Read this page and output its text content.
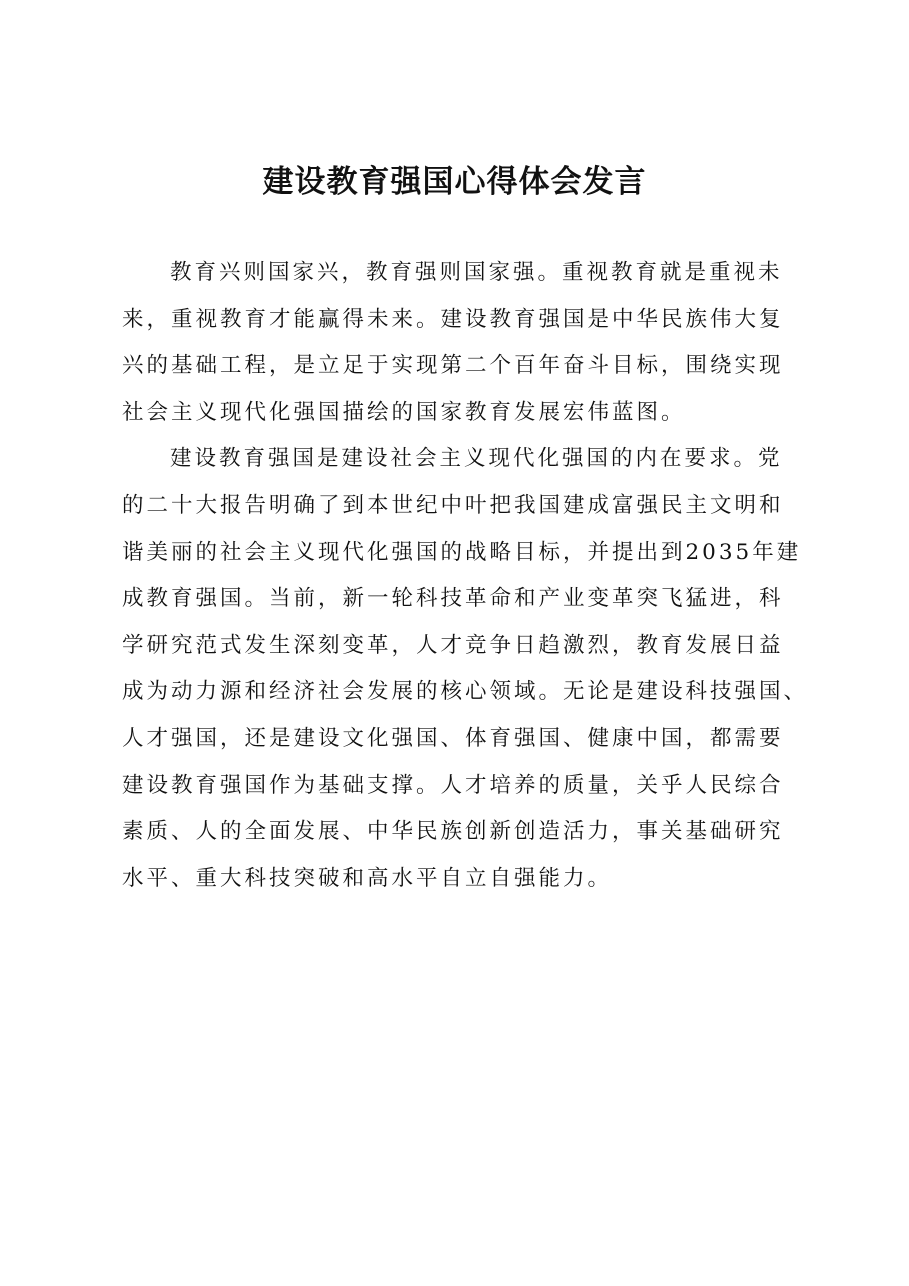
建设教育强国心得体会发言
教育兴则国家兴，教育强则国家强。重视教育就是重视未
来，重视教育才能赢得未来。建设教育强国是中华民族伟大复
兴的基础工程，是立足于实现第二个百年奋斗目标，围绕实现
社会主义现代化强国描绘的国家教育发展宏伟蓝图。
建设教育强国是建设社会主义现代化强国的内在要求。党
的二十大报告明确了到本世纪中叶把我国建成富强民主文明和
谐美丽的社会主义现代化强国的战略目标，并提出到2035年建
成教育强国。当前，新一轮科技革命和产业变革突飞猛进，科
学研究范式发生深刻变革，人才竞争日趋激烈，教育发展日益
成为动力源和经济社会发展的核心领域。无论是建设科技强国、
人才强国，还是建设文化强国、体育强国、健康中国，都需要
建设教育强国作为基础支撑。人才培养的质量，关乎人民综合
素质、人的全面发展、中华民族创新创造活力，事关基础研究
水平、重大科技突破和高水平自立自强能力。
